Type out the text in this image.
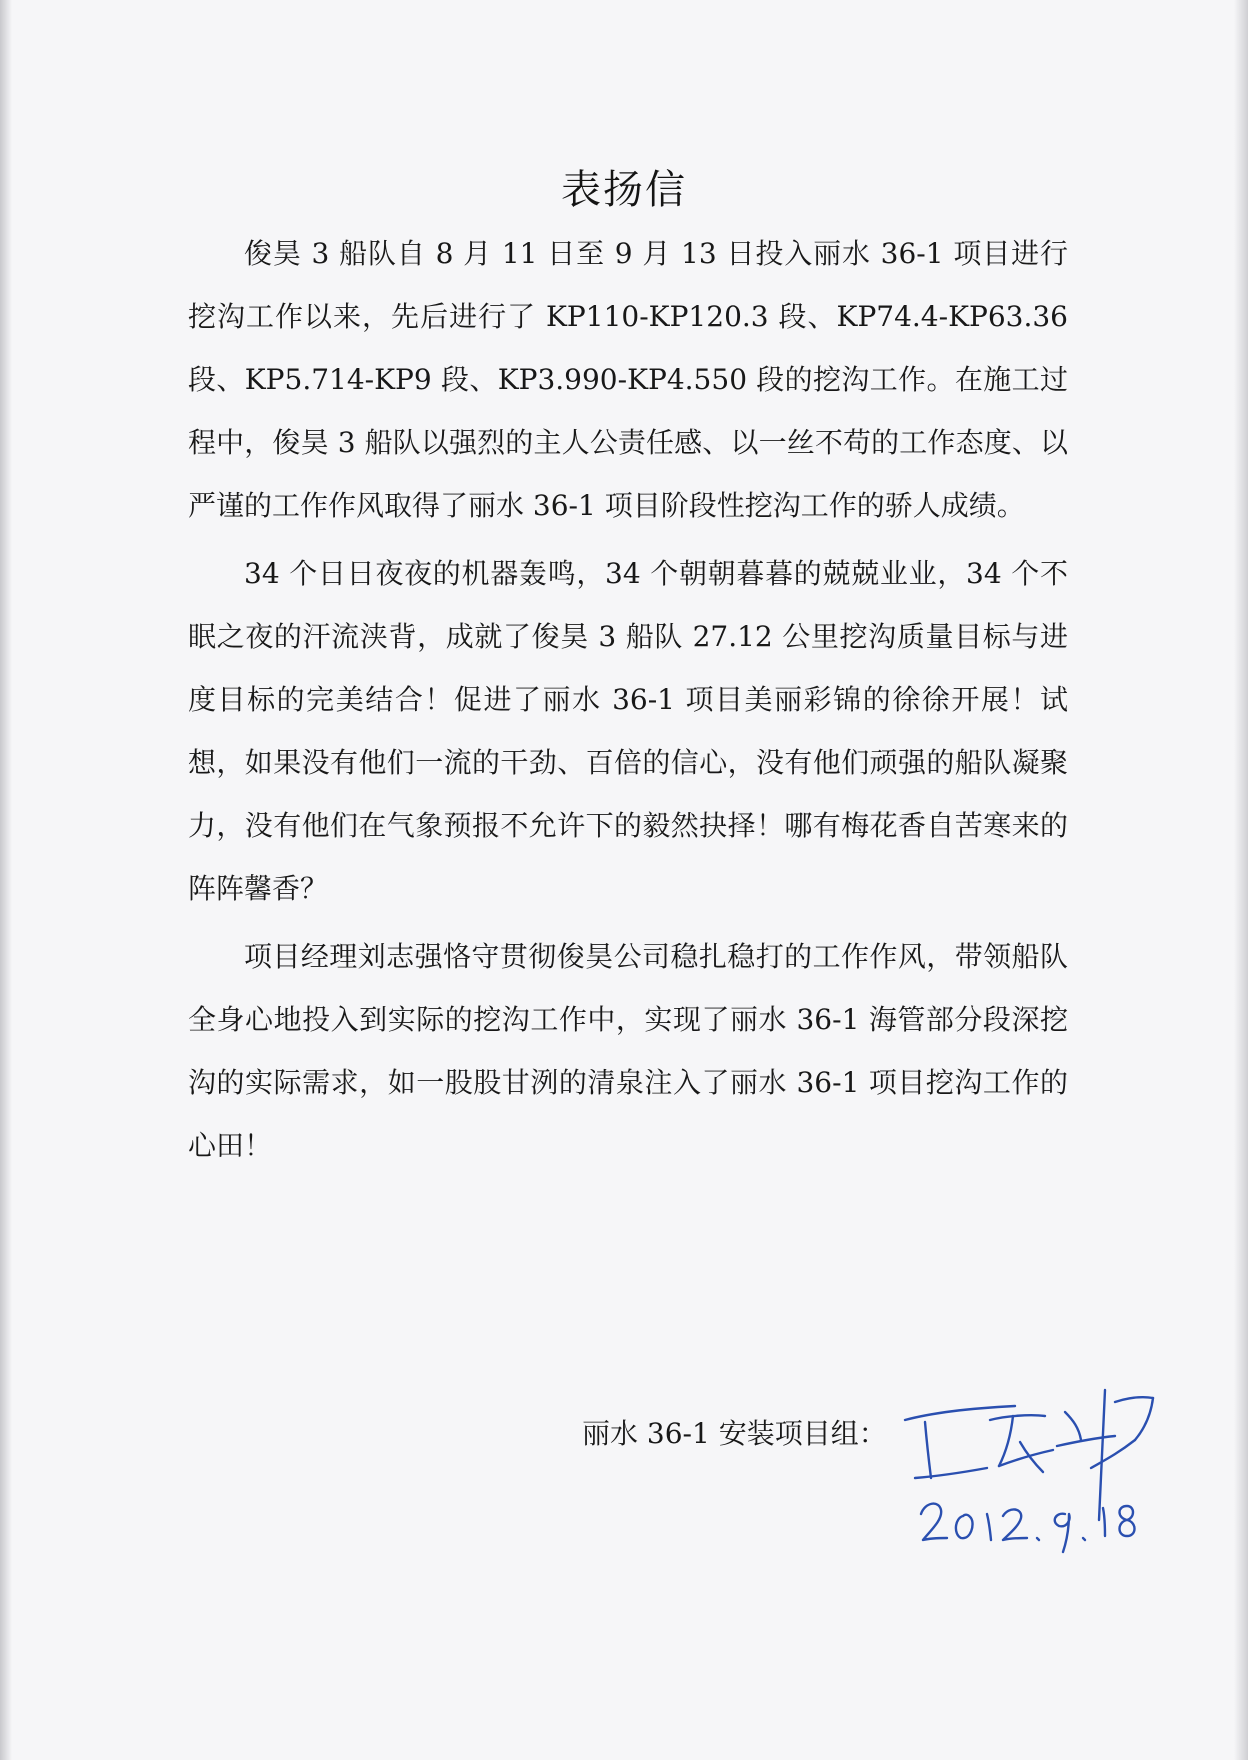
表扬信

俊昊 3 船队自 8 月 11 日至 9 月 13 日投入丽水 36-1 项目进行挖沟工作以来，先后进行了 KP110-KP120.3 段、KP74.4-KP63.36 段、KP5.714-KP9 段、KP3.990-KP4.550 段的挖沟工作。在施工过程中，俊昊 3 船队以强烈的主人公责任感、以一丝不苟的工作态度、以严谨的工作作风取得了丽水 36-1 项目阶段性挖沟工作的骄人成绩。

34 个日日夜夜的机器轰鸣，34 个朝朝暮暮的兢兢业业，34 个不眠之夜的汗流浃背，成就了俊昊 3 船队 27.12 公里挖沟质量目标与进度目标的完美结合！促进了丽水 36-1 项目美丽彩锦的徐徐开展！试想，如果没有他们一流的干劲、百倍的信心，没有他们顽强的船队凝聚力，没有他们在气象预报不允许下的毅然抉择！哪有梅花香自苦寒来的阵阵馨香？

项目经理刘志强恪守贯彻俊昊公司稳扎稳打的工作作风，带领船队全身心地投入到实际的挖沟工作中，实现了丽水 36-1 海管部分段深挖沟的实际需求，如一股股甘洌的清泉注入了丽水 36-1 项目挖沟工作的心田！

丽水 36-1 安装项目组：
